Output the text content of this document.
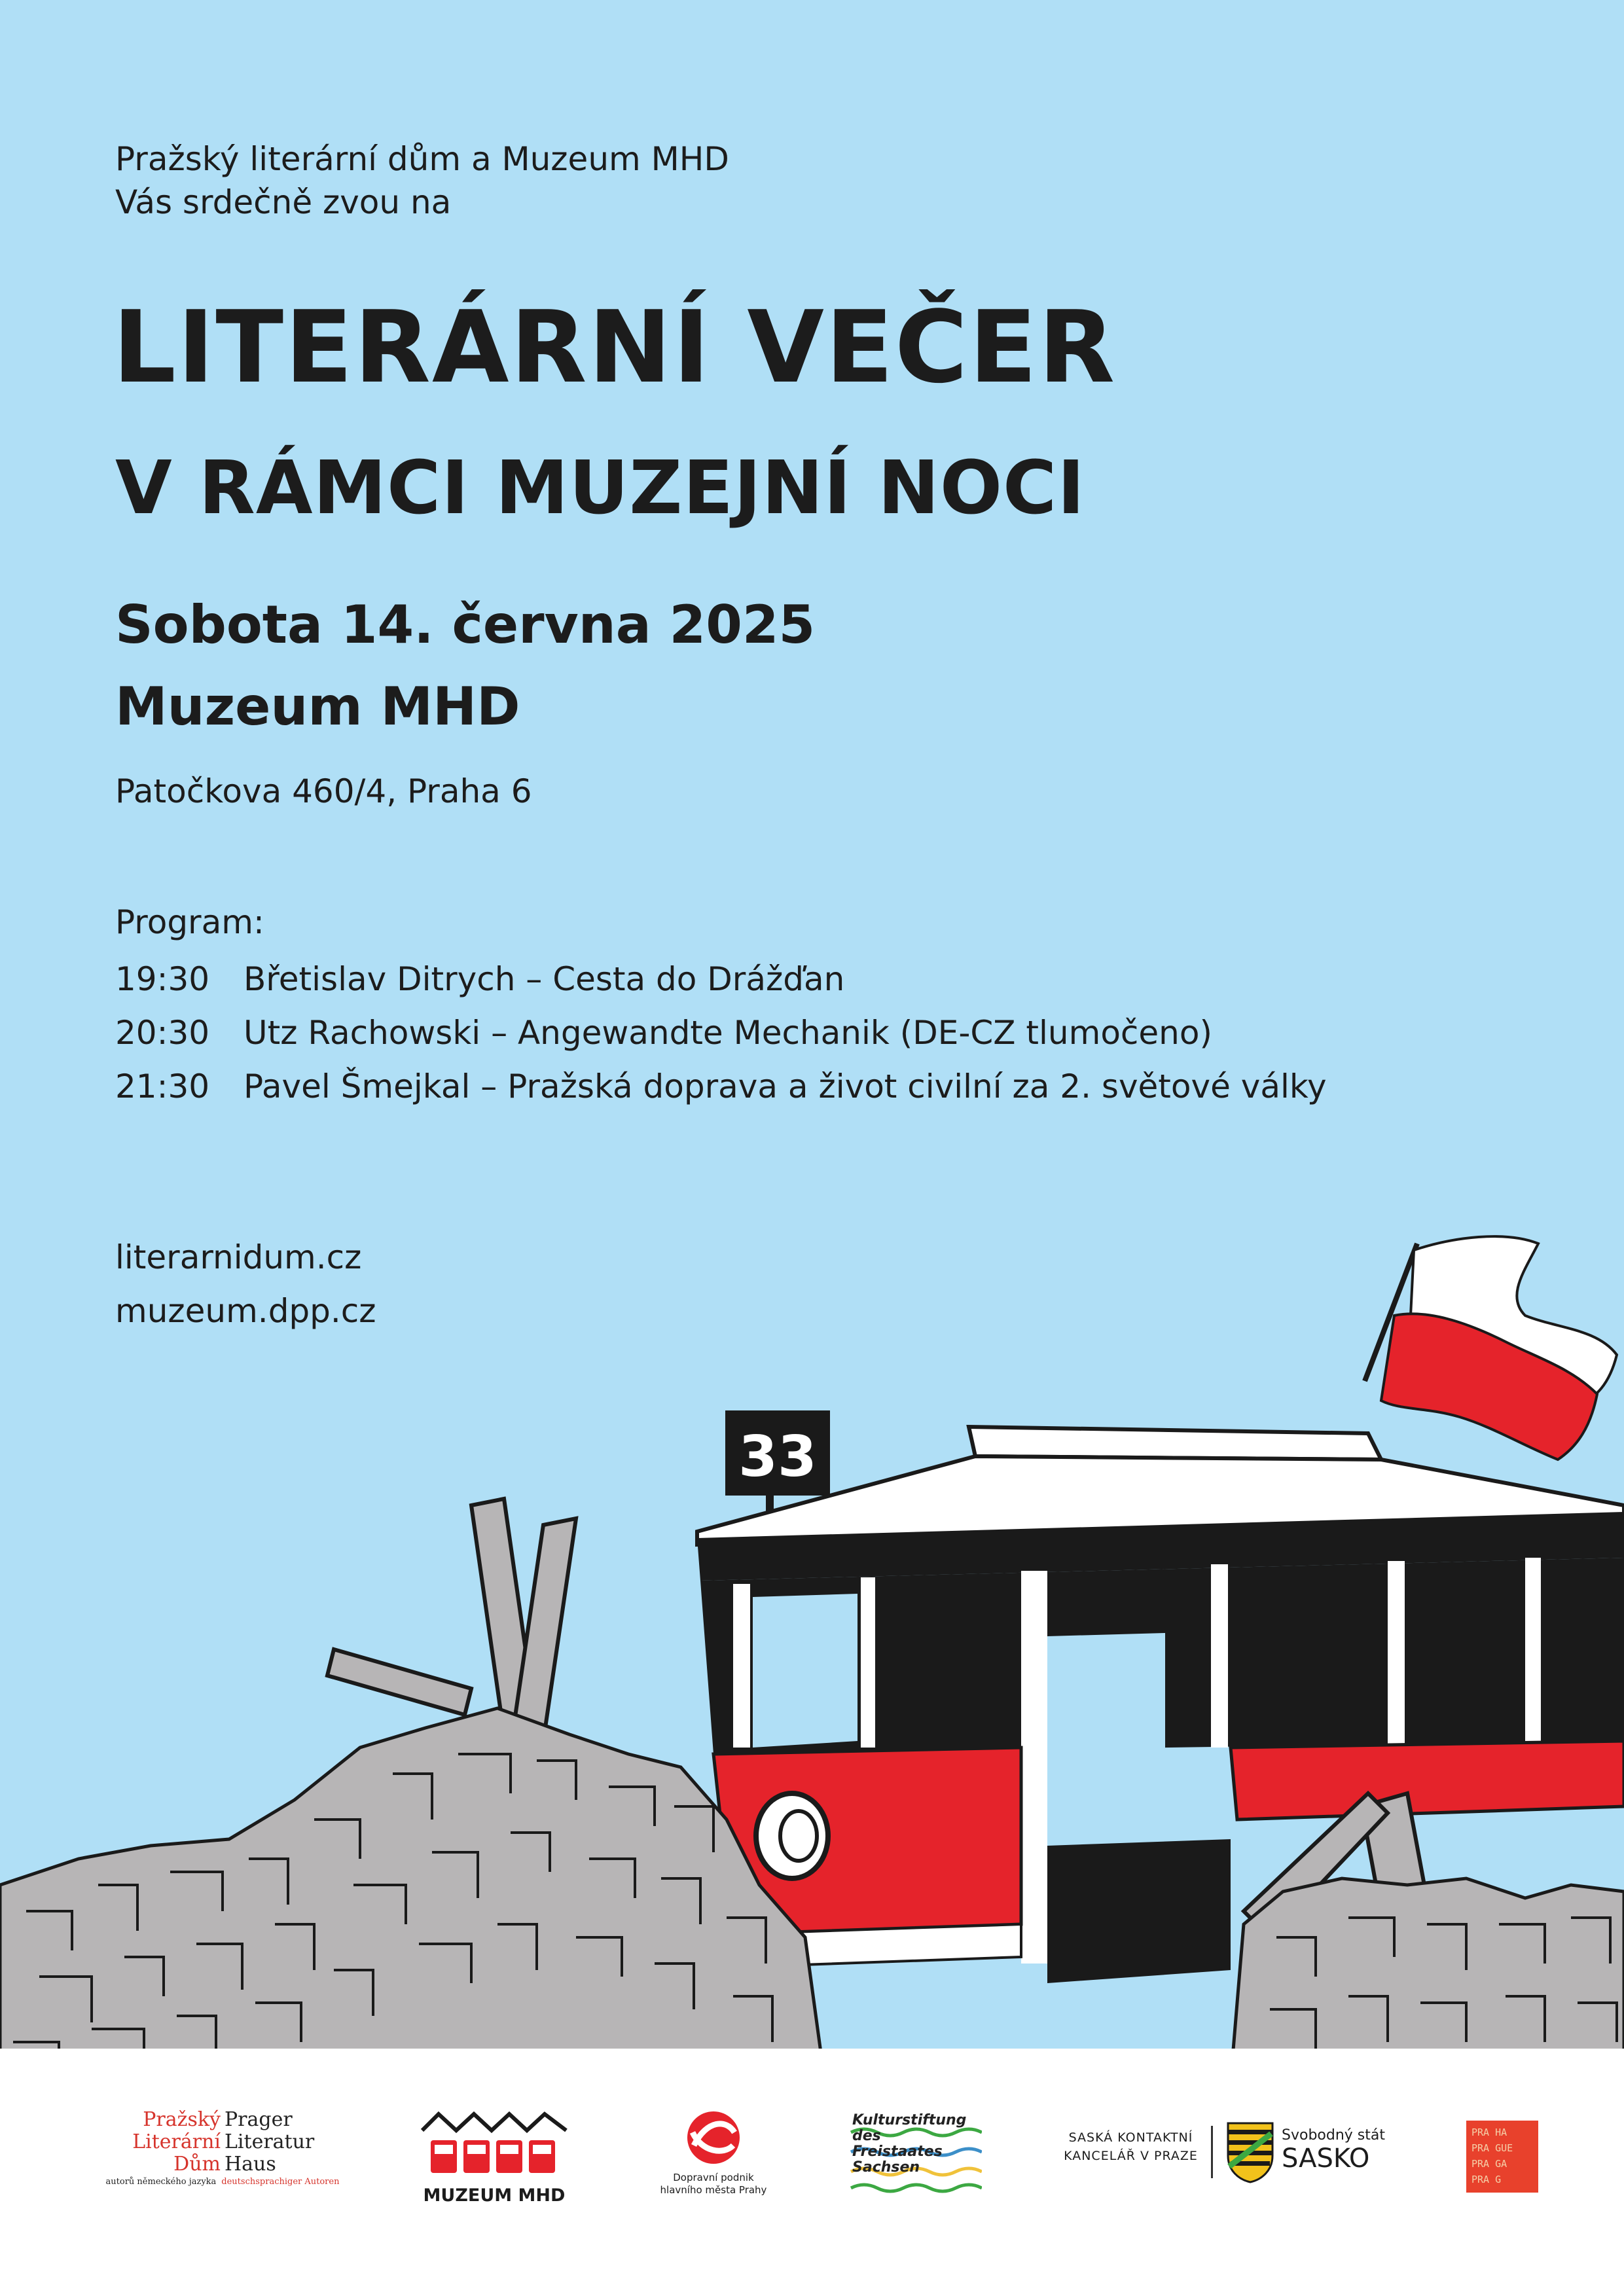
Pražský literární dům a Muzeum MHD
Vás srdečně zvou na
LITERÁRNÍ VEČER
V RÁMCI MUZEJNÍ NOCI
Sobota 14. června 2025
Muzeum MHD
Patočkova 460/4, Praha 6
Program:
19:30	Břetislav Ditrych – Cesta do Drážďan
20:30	Utz Rachowski – Angewandte Mechanik (DE-CZ tlumočeno)
21:30	Pavel Šmejkal – Pražská doprava a život civilní za 2. světové války
literarnidum.cz
muzeum.dpp.cz
33
Pražský Prager
Literární Literatur
Dům Haus
autorů německého jazyka deutschsprachiger Autoren
MUZEUM MHD
Dopravní podnik
hlavního města Prahy
Kulturstiftung
des
Freistaates
Sachsen
SASKÁ KONTAKTNÍ
KANCELÁŘ V PRAZE
Svobodný stát
SASKO
PRA HA
PRA GUE
PRA GA
PRA G
